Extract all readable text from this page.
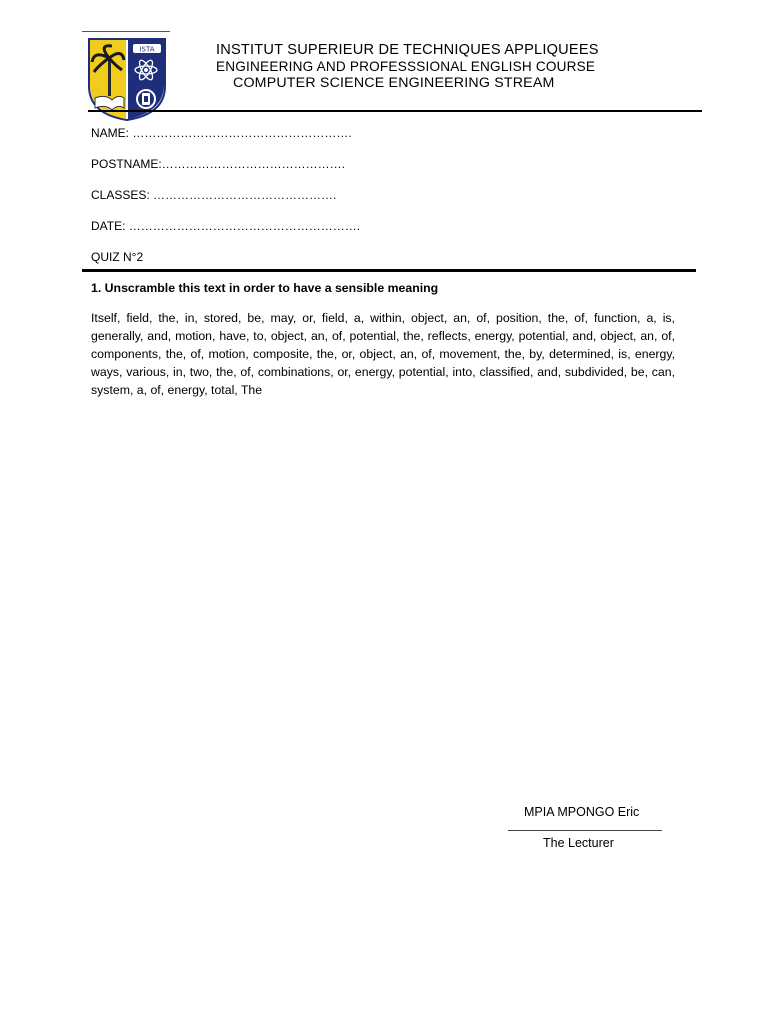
ISTA	INSTITUT SUPERIEUR DE TECHNIQUES APPLIQUEES
ENGINEERING AND PROFESSSIONAL ENGLISH COURSE
COMPUTER SCIENCE ENGINEERING STREAM
NAME: ……………………………………………….
POSTNAME:……………………………………….
CLASSES: ……………………………………….
DATE: ………………………………………………….
QUIZ N°2
1. Unscramble this text in order to have a sensible meaning
Itself, field, the, in, stored, be, may, or, field, a, within, object, an, of, position, the, of, function, a, is, generally, and, motion, have, to, object, an, of, potential, the, reflects, energy, potential, and, object, an, of, components, the, of, motion, composite, the, or, object, an, of, movement, the, by, determined, is, energy, ways, various, in, two, the, of, combinations, or, energy, potential, into, classified, and, subdivided, be, can, system, a, of, energy, total, The
MPIA MPONGO Eric
The Lecturer
